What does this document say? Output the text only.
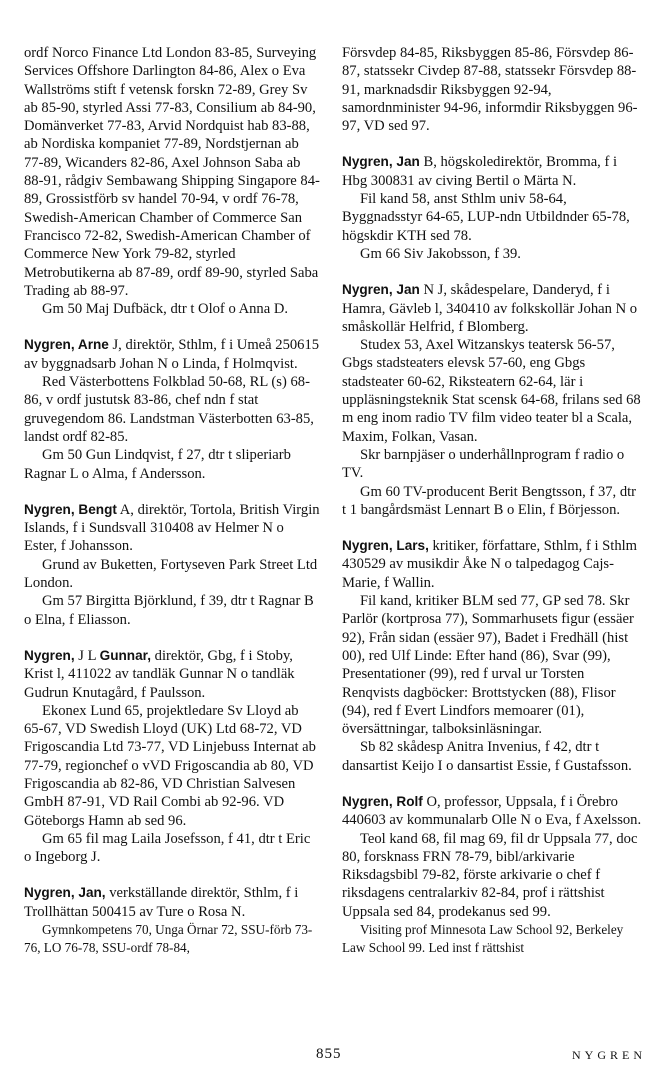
ordf Norco Finance Ltd London 83-85, Surveying Services Offshore Darlington 84-86, Alex o Eva Wallströms stift f vetensk forskn 72-89, Grey Sv ab 85-90, styrled Assi 77-83, Consilium ab 84-90, Domänverket 77-83, Arvid Nordquist hab 83-88, ab Nordiska kompaniet 77-89, Nordstjernan ab 77-89, Wicanders 82-86, Axel Johnson Saba ab 88-91, rådgiv Sembawang Shipping Singapore 84-89, Grossistförb sv handel 70-94, v ordf 76-78, Swedish-American Chamber of Commerce San Francisco 72-82, Swedish-American Chamber of Commerce New York 79-82, styrled Metrobutikerna ab 87-89, ordf 89-90, styrled Saba Trading ab 88-97.

Gm 50 Maj Dufbäck, dtr t Olof o Anna D.

Nygren, Arne J, direktör, Sthlm, f i Umeå 250615 av byggnadsarb Johan N o Linda, f Holmqvist.

Red Västerbottens Folkblad 50-68, RL (s) 68-86, v ordf justutsk 83-86, chef ndn f stat gruvegendom 86. Landstman Västerbotten 63-85, landst ordf 82-85.

Gm 50 Gun Lindqvist, f 27, dtr t sliperiarb Ragnar L o Alma, f Andersson.

Nygren, Bengt A, direktör, Tortola, British Virgin Islands, f i Sundsvall 310408 av Helmer N o Ester, f Johansson.

Grund av Buketten, Fortyseven Park Street Ltd London.

Gm 57 Birgitta Björklund, f 39, dtr t Ragnar B o Elna, f Eliasson.

Nygren, J L Gunnar, direktör, Gbg, f i Stoby, Krist l, 411022 av tandläk Gunnar N o tandläk Gudrun Knutagård, f Paulsson.

Ekonex Lund 65, projektledare Sv Lloyd ab 65-67, VD Swedish Lloyd (UK) Ltd 68-72, VD Frigoscandia Ltd 73-77, VD Linjebuss Internat ab 77-79, regionchef o vVD Frigoscandia ab 80, VD Frigoscandia ab 82-86, VD Christian Salvesen GmbH 87-91, VD Rail Combi ab 92-96. VD Göteborgs Hamn ab sed 96.

Gm 65 fil mag Laila Josefsson, f 41, dtr t Eric o Ingeborg J.

Nygren, Jan, verkställande direktör, Sthlm, f i Trollhättan 500415 av Ture o Rosa N.

Gymnkompetens 70, Unga Örnar 72, SSU-förb 73-76, LO 76-78, SSU-ordf 78-84,

Försvdep 84-85, Riksbyggen 85-86, Försvdep 86-87, statssekr Civdep 87-88, statssekr Försvdep 88-91, marknadsdir Riksbyggen 92-94, samordnminister 94-96, informdir Riksbyggen 96-97, VD sed 97.

Nygren, Jan B, högskoledirektör, Bromma, f i Hbg 300831 av civing Bertil o Märta N.

Fil kand 58, anst Sthlm univ 58-64, Byggnadsstyr 64-65, LUP-ndn Utbildnder 65-78, högskdir KTH sed 78.

Gm 66 Siv Jakobsson, f 39.

Nygren, Jan N J, skådespelare, Danderyd, f i Hamra, Gävleb l, 340410 av folkskollär Johan N o småskollär Helfrid, f Blomberg.

Studex 53, Axel Witzanskys teatersk 56-57, Gbgs stadsteaters elevsk 57-60, eng Gbgs stadsteater 60-62, Riksteatern 62-64, lär i uppläsningsteknik Stat scensk 64-68, frilans sed 68 m eng inom radio TV film video teater bl a Scala, Maxim, Folkan, Vasan.

Skr barnpjäser o underhållnprogram f radio o TV.

Gm 60 TV-producent Berit Bengtsson, f 37, dtr t 1 bangårdsmäst Lennart B o Elin, f Börjesson.

Nygren, Lars, kritiker, författare, Sthlm, f i Sthlm 430529 av musikdir Åke N o talpedagog Cajs-Marie, f Wallin.

Fil kand, kritiker BLM sed 77, GP sed 78. Skr Parlör (kortprosa 77), Sommarhusets figur (essäer 92), Från sidan (essäer 97), Badet i Fredhäll (hist 00), red Ulf Linde: Efter hand (86), Svar (99), Presentationer (99), red f urval ur Torsten Renqvists dagböcker: Brottstycken (88), Flisor (94), red f Evert Lindfors memoarer (01), översättningar, talboksinläsningar.

Sb 82 skådesp Anitra Invenius, f 42, dtr t dansartist Keijo I o dansartist Essie, f Gustafsson.

Nygren, Rolf O, professor, Uppsala, f i Örebro 440603 av kommunalarb Olle N o Eva, f Axelsson.

Teol kand 68, fil mag 69, fil dr Uppsala 77, doc 80, forsknass FRN 78-79, bibl/arkivarie Riksdagsbibl 79-82, förste arkivarie o chef f riksdagens centralarkiv 82-84, prof i rättshist Uppsala sed 84, prodekanus sed 99.

Visiting prof Minnesota Law School 92, Berkeley Law School 99. Led inst f rättshist

855	NYGREN
